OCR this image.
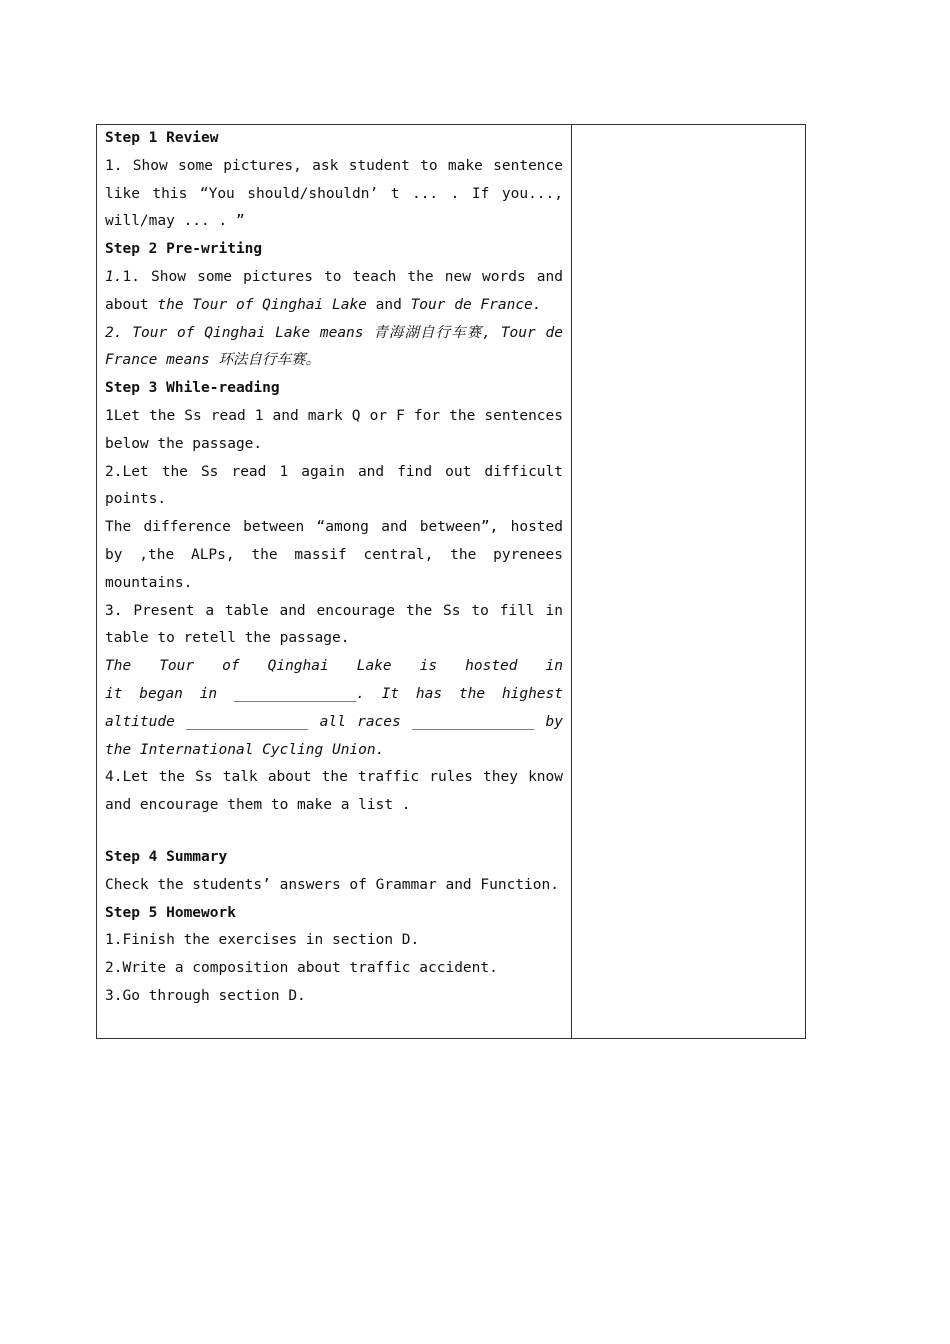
Step 1 Review
1. Show some pictures, ask student to make sentence
like this “You should/shouldn’ t ... . If you...,
will/may ... . ”
Step 2 Pre-writing
1.1. Show some pictures to teach the new words and
about the Tour of Qinghai Lake and Tour de France.
2. Tour of Qinghai Lake means 青海湖自行车赛, Tour de
France means 环法自行车赛。
Step 3 While-reading
1Let the Ss read 1 and mark Q or F for the sentences
below the passage.
2.Let the Ss read 1 again and find out difficult
points.
The difference between “among and between”, hosted
by ,the ALPs, the massif central, the pyrenees
mountains.
3. Present a table and encourage the Ss to fill in
table to retell the passage.
The Tour of Qinghai Lake is hosted in
it began in ______________. It has the highest
altitude ______________ all races ______________ by
the International Cycling Union.
4.Let the Ss talk about the traffic rules they know
and encourage them to make a list .
Step 4 Summary
Check the students’ answers of Grammar and Function.
Step 5 Homework
1.Finish the exercises in section D.
2.Write a composition about traffic accident.
3.Go through section D.
